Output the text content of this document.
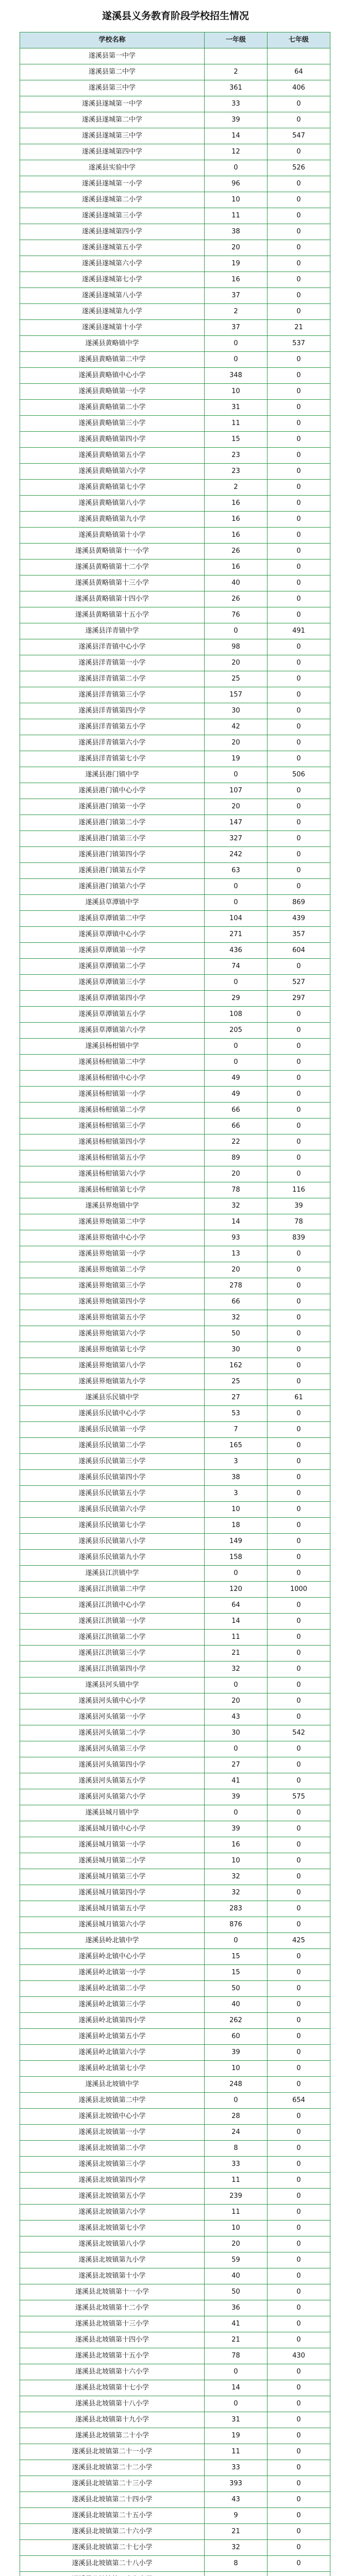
遂溪县义务教育阶段学校招生情况
学校名称	一年级	七年级
遂溪县第一中学		
遂溪县第二中学	2	64
遂溪县第三中学	361	406
遂溪县遂城第一中学	33	0
遂溪县遂城第二中学	39	0
遂溪县遂城第三中学	14	547
遂溪县遂城第四中学	12	0
遂溪县实验中学	0	526
遂溪县遂城第一小学	96	0
遂溪县遂城第二小学	10	0
遂溪县遂城第三小学	11	0
遂溪县遂城第四小学	38	0
遂溪县遂城第五小学	20	0
遂溪县遂城第六小学	19	0
遂溪县遂城第七小学	16	0
遂溪县遂城第八小学	37	0
遂溪县遂城第九小学	2	0
遂溪县遂城第十小学	37	21
遂溪县黄略镇中学	0	537
遂溪县黄略镇第二中学	0	0
遂溪县黄略镇中心小学	348	0
遂溪县黄略镇第一小学	10	0
遂溪县黄略镇第二小学	31	0
遂溪县黄略镇第三小学	11	0
遂溪县黄略镇第四小学	15	0
遂溪县黄略镇第五小学	23	0
遂溪县黄略镇第六小学	23	0
遂溪县黄略镇第七小学	2	0
遂溪县黄略镇第八小学	16	0
遂溪县黄略镇第九小学	16	0
遂溪县黄略镇第十小学	16	0
遂溪县黄略镇第十一小学	26	0
遂溪县黄略镇第十二小学	16	0
遂溪县黄略镇第十三小学	40	0
遂溪县黄略镇第十四小学	26	0
遂溪县黄略镇第十五小学	76	0
遂溪县洋青镇中学	0	491
遂溪县洋青镇中心小学	98	0
遂溪县洋青镇第一小学	20	0
遂溪县洋青镇第二小学	25	0
遂溪县洋青镇第三小学	157	0
遂溪县洋青镇第四小学	30	0
遂溪县洋青镇第五小学	42	0
遂溪县洋青镇第六小学	20	0
遂溪县洋青镇第七小学	19	0
遂溪县港门镇中学	0	506
遂溪县港门镇中心小学	107	0
遂溪县港门镇第一小学	20	0
遂溪县港门镇第二小学	147	0
遂溪县港门镇第三小学	327	0
遂溪县港门镇第四小学	242	0
遂溪县港门镇第五小学	63	0
遂溪县港门镇第六小学	0	0
遂溪县草潭镇中学	0	869
遂溪县草潭镇第二中学	104	439
遂溪县草潭镇中心小学	271	357
遂溪县草潭镇第一小学	436	604
遂溪县草潭镇第二小学	74	0
遂溪县草潭镇第三小学	0	527
遂溪县草潭镇第四小学	29	297
遂溪县草潭镇第五小学	108	0
遂溪县草潭镇第六小学	205	0
遂溪县杨柑镇中学	0	0
遂溪县杨柑镇第二中学	0	0
遂溪县杨柑镇中心小学	49	0
遂溪县杨柑镇第一小学	49	0
遂溪县杨柑镇第二小学	66	0
遂溪县杨柑镇第三小学	66	0
遂溪县杨柑镇第四小学	22	0
遂溪县杨柑镇第五小学	89	0
遂溪县杨柑镇第六小学	20	0
遂溪县杨柑镇第七小学	78	116
遂溪县界炮镇中学	32	39
遂溪县界炮镇第二中学	14	78
遂溪县界炮镇中心小学	93	839
遂溪县界炮镇第一小学	13	0
遂溪县界炮镇第二小学	20	0
遂溪县界炮镇第三小学	278	0
遂溪县界炮镇第四小学	66	0
遂溪县界炮镇第五小学	32	0
遂溪县界炮镇第六小学	50	0
遂溪县界炮镇第七小学	30	0
遂溪县界炮镇第八小学	162	0
遂溪县界炮镇第九小学	25	0
遂溪县乐民镇中学	27	61
遂溪县乐民镇中心小学	53	0
遂溪县乐民镇第一小学	7	0
遂溪县乐民镇第二小学	165	0
遂溪县乐民镇第三小学	3	0
遂溪县乐民镇第四小学	38	0
遂溪县乐民镇第五小学	3	0
遂溪县乐民镇第六小学	10	0
遂溪县乐民镇第七小学	18	0
遂溪县乐民镇第八小学	149	0
遂溪县乐民镇第九小学	158	0
遂溪县江洪镇中学	0	0
遂溪县江洪镇第二中学	120	1000
遂溪县江洪镇中心小学	64	0
遂溪县江洪镇第一小学	14	0
遂溪县江洪镇第二小学	11	0
遂溪县江洪镇第三小学	21	0
遂溪县江洪镇第四小学	32	0
遂溪县河头镇中学	0	0
遂溪县河头镇中心小学	20	0
遂溪县河头镇第一小学	43	0
遂溪县河头镇第二小学	30	542
遂溪县河头镇第三小学	0	0
遂溪县河头镇第四小学	27	0
遂溪县河头镇第五小学	41	0
遂溪县河头镇第六小学	39	575
遂溪县城月镇中学	0	0
遂溪县城月镇中心小学	39	0
遂溪县城月镇第一小学	16	0
遂溪县城月镇第二小学	10	0
遂溪县城月镇第三小学	32	0
遂溪县城月镇第四小学	32	0
遂溪县城月镇第五小学	283	0
遂溪县城月镇第六小学	876	0
遂溪县岭北镇中学	0	425
遂溪县岭北镇中心小学	15	0
遂溪县岭北镇第一小学	15	0
遂溪县岭北镇第二小学	50	0
遂溪县岭北镇第三小学	40	0
遂溪县岭北镇第四小学	262	0
遂溪县岭北镇第五小学	60	0
遂溪县岭北镇第六小学	39	0
遂溪县岭北镇第七小学	10	0
遂溪县北坡镇中学	248	0
遂溪县北坡镇第二中学	0	654
遂溪县北坡镇中心小学	28	0
遂溪县北坡镇第一小学	24	0
遂溪县北坡镇第二小学	8	0
遂溪县北坡镇第三小学	33	0
遂溪县北坡镇第四小学	11	0
遂溪县北坡镇第五小学	239	0
遂溪县北坡镇第六小学	11	0
遂溪县北坡镇第七小学	10	0
遂溪县北坡镇第八小学	20	0
遂溪县北坡镇第九小学	59	0
遂溪县北坡镇第十小学	40	0
遂溪县北坡镇第十一小学	50	0
遂溪县北坡镇第十二小学	36	0
遂溪县北坡镇第十三小学	41	0
遂溪县北坡镇第十四小学	21	0
遂溪县北坡镇第十五小学	78	430
遂溪县北坡镇第十六小学	0	0
遂溪县北坡镇第十七小学	14	0
遂溪县北坡镇第十八小学	0	0
遂溪县北坡镇第十九小学	31	0
遂溪县北坡镇第二十小学	19	0
遂溪县北坡镇第二十一小学	11	0
遂溪县北坡镇第二十二小学	33	0
遂溪县北坡镇第二十三小学	393	0
遂溪县北坡镇第二十四小学	43	0
遂溪县北坡镇第二十五小学	9	0
遂溪县北坡镇第二十六小学	21	0
遂溪县北坡镇第二十七小学	32	0
遂溪县北坡镇第二十八小学	8	0
